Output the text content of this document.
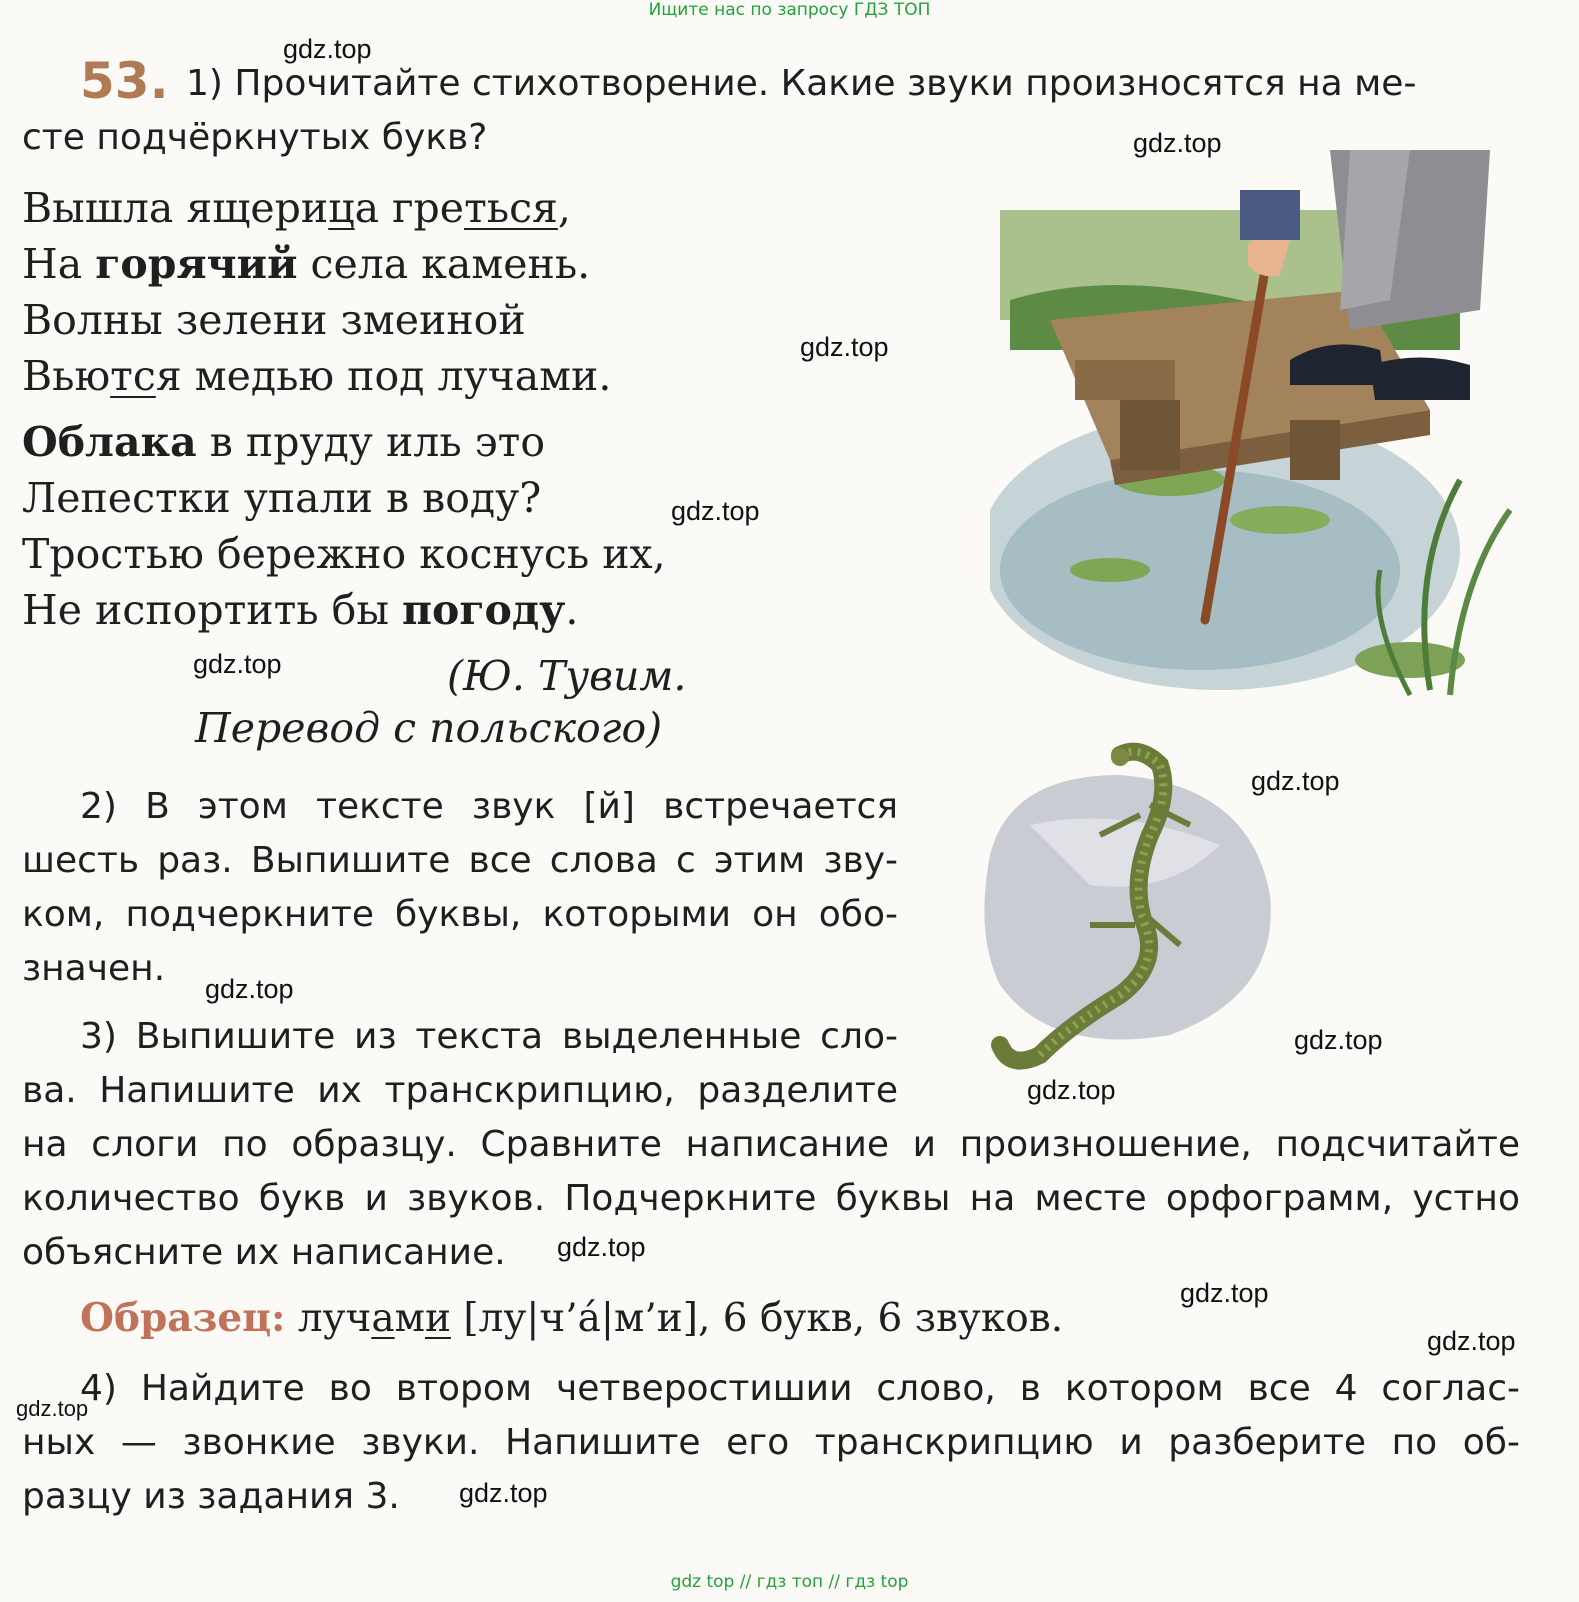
Ищите нас по запросу ГДЗ ТОП
gdz.top
gdz.top
gdz.top
gdz.top
gdz.top
gdz.top
gdz.top
gdz.top
gdz.top
gdz.top
gdz.top
gdz.top
gdz.top
gdz.top
53. 1) Прочитайте стихотворение. Какие звуки произносятся на ме-
сте подчёркнутых букв?
Вышла ящерица греться,
На горячий села камень.
Волны зелени змеиной
Вьются медью под лучами.
Облака в пруду иль это
Лепестки упали в воду?
Тростью бережно коснусь их,
Не испортить бы погоду.
(Ю. Тувим.
Перевод с польского)
2) В этом тексте звук [й] встречается
шесть раз. Выпишите все слова с этим зву-
ком, подчеркните буквы, которыми он обо-
значен.
3) Выпишите из текста выделенные сло-
ва. Напишите их транскрипцию, разделите
на слоги по образцу. Сравните написание и произношение, подсчитайте
количество букв и звуков. Подчеркните буквы на месте орфограмм, устно
объясните их написание.
Образец: лучами [лу|ч’а́|м’и], 6 букв, 6 звуков.
4) Найдите во втором четверостишии слово, в котором все 4 соглас-
ных — звонкие звуки. Напишите его транскрипцию и разберите по об-
разцу из задания 3.
gdz top // гдз топ // гдз top
